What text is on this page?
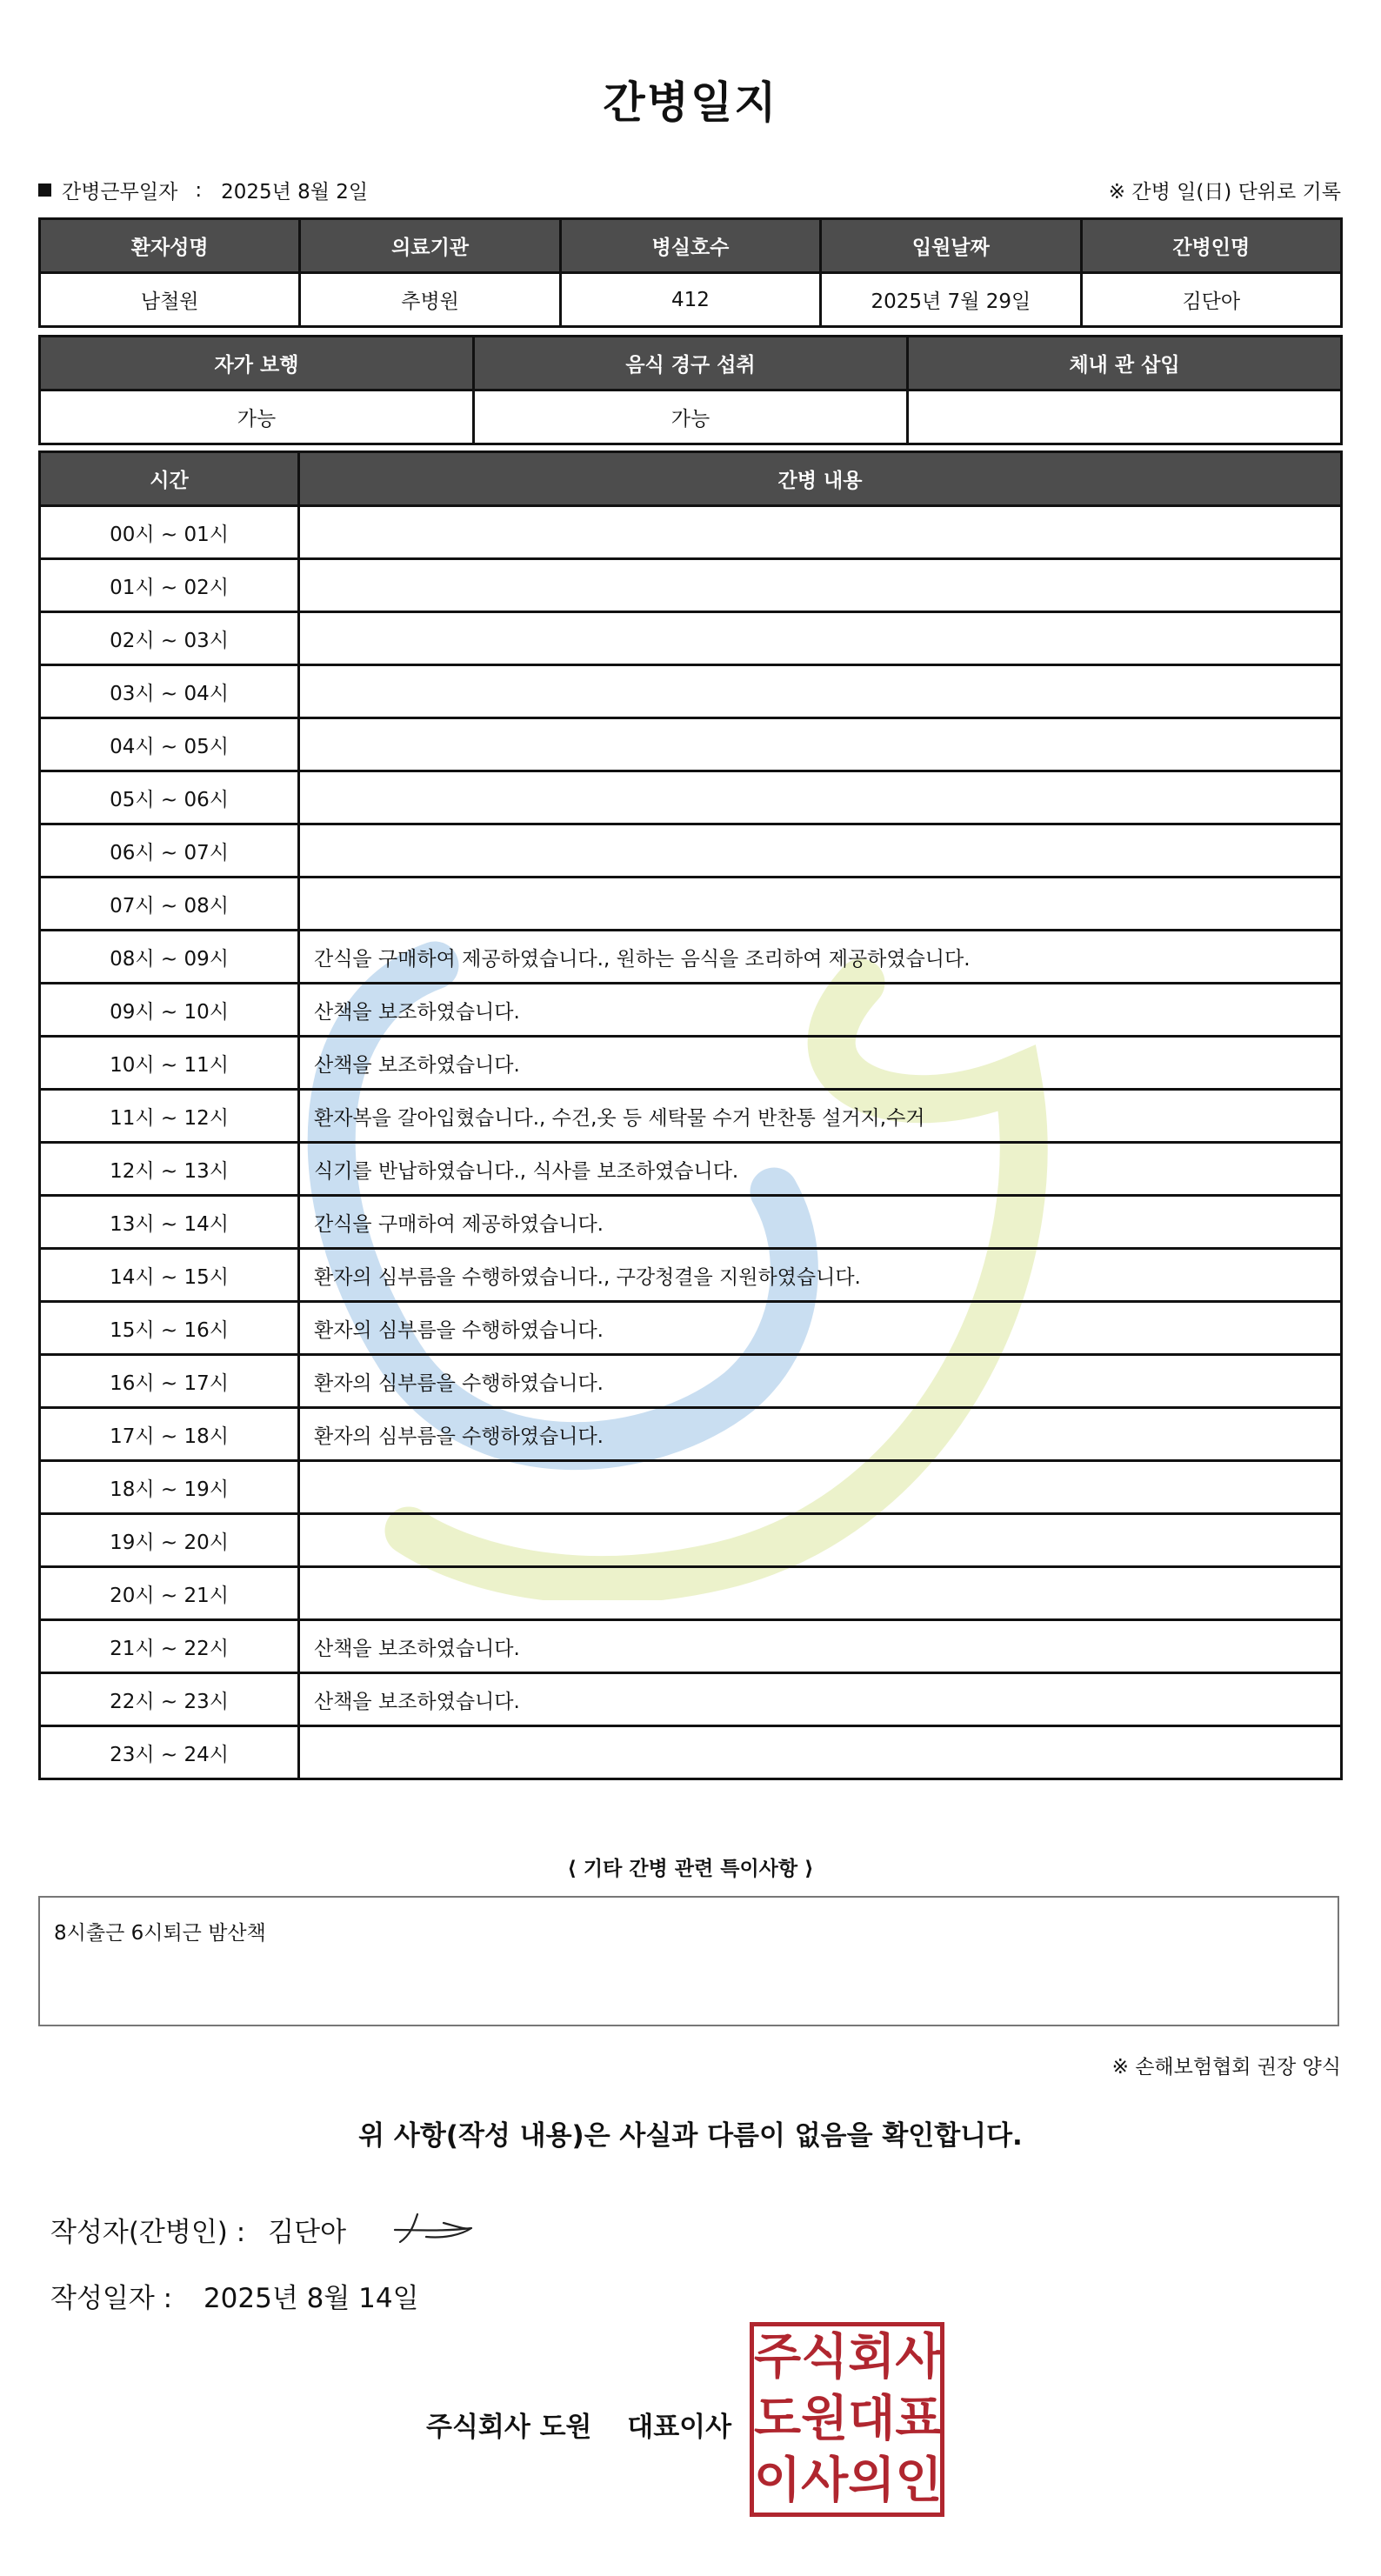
간병일지
간병근무일자 : 2025년 8월 2일	※ 간병 일(日) 단위로 기록
환자성명	의료기관	병실호수	입원날짜	간병인명
남철원	추병원	412	2025년 7월 29일	김단아
자가 보행	음식 경구 섭취	체내 관 삽입
가능	가능	
시간	간병 내용
00시 ~ 01시	
01시 ~ 02시	
02시 ~ 03시	
03시 ~ 04시	
04시 ~ 05시	
05시 ~ 06시	
06시 ~ 07시	
07시 ~ 08시	
08시 ~ 09시	간식을 구매하여 제공하였습니다., 원하는 음식을 조리하여 제공하였습니다.
09시 ~ 10시	산책을 보조하였습니다.
10시 ~ 11시	산책을 보조하였습니다.
11시 ~ 12시	환자복을 갈아입혔습니다., 수건,옷 등 세탁물 수거 반찬통 설거지,수거
12시 ~ 13시	식기를 반납하였습니다., 식사를 보조하였습니다.
13시 ~ 14시	간식을 구매하여 제공하였습니다.
14시 ~ 15시	환자의 심부름을 수행하였습니다., 구강청결을 지원하였습니다.
15시 ~ 16시	환자의 심부름을 수행하였습니다.
16시 ~ 17시	환자의 심부름을 수행하였습니다.
17시 ~ 18시	환자의 심부름을 수행하였습니다.
18시 ~ 19시	
19시 ~ 20시	
20시 ~ 21시	
21시 ~ 22시	산책을 보조하였습니다.
22시 ~ 23시	산책을 보조하였습니다.
23시 ~ 24시	
⟨ 기타 간병 관련 특이사항 ⟩
8시출근 6시퇴근 밤산책
※ 손해보험협회 권장 양식
위 사항(작성 내용)은 사실과 다름이 없음을 확인합니다.
작성자(간병인) : 김단아
작성일자 : 2025년 8월 14일
주식회사 도원 대표이사
주 식 회 사
도 원 대 표
이 사 의 인
